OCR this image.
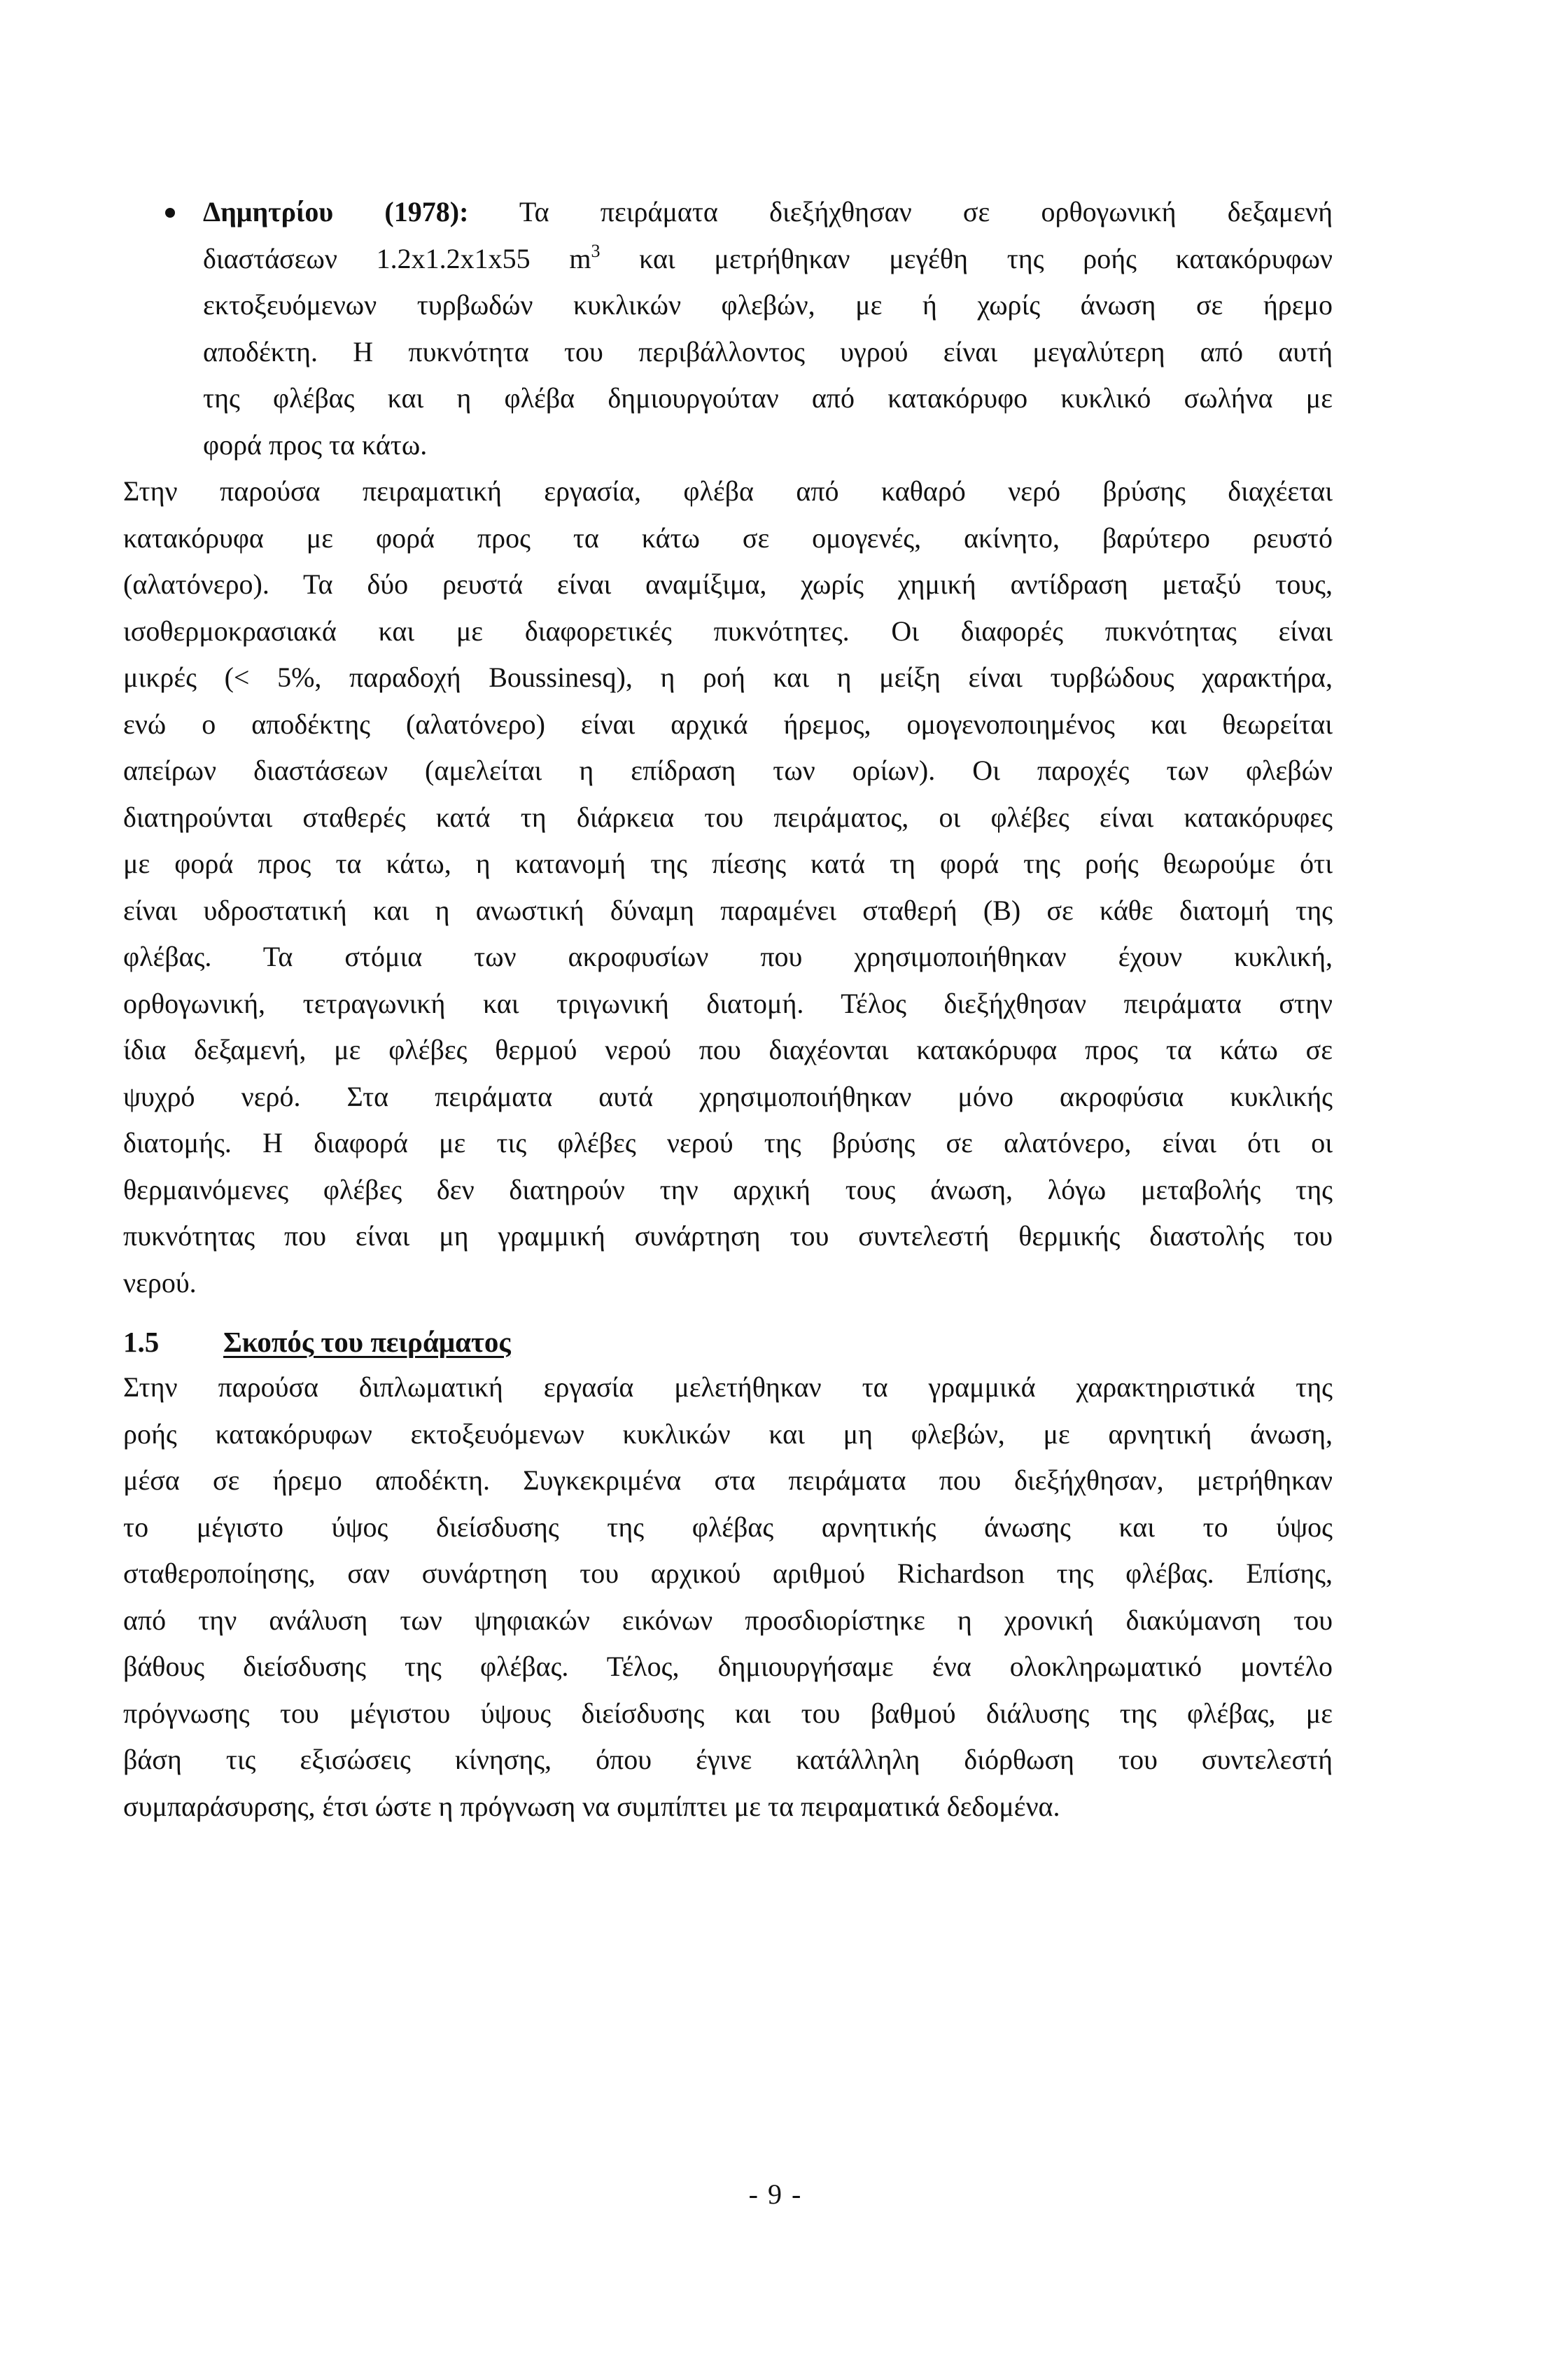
Δημητρίου (1978): Τα πειράματα διεξήχθησαν σε ορθογωνική δεξαμενή
διαστάσεων 1.2x1.2x1x55 $m^3$ και μετρήθηκαν μεγέθη της ροής κατακόρυφων
εκτοξευόμενων τυρβωδών κυκλικών φλεβών, με ή χωρίς άνωση σε ήρεμο
αποδέκτη. Η πυκνότητα του περιβάλλοντος υγρού είναι μεγαλύτερη από αυτή
της φλέβας και η φλέβα δημιουργούταν από κατακόρυφο κυκλικό σωλήνα με
φορά προς τα κάτω.
Στην παρούσα πειραματική εργασία, φλέβα από καθαρό νερό βρύσης διαχέεται
κατακόρυφα με φορά προς τα κάτω σε ομογενές, ακίνητο, βαρύτερο ρευστό
(αλατόνερο). Τα δύο ρευστά είναι αναμίξιμα, χωρίς χημική αντίδραση μεταξύ τους,
ισοθερμοκρασιακά και με διαφορετικές πυκνότητες. Οι διαφορές πυκνότητας είναι
μικρές (< 5%, παραδοχή Boussinesq), η ροή και η μείξη είναι τυρβώδους χαρακτήρα,
ενώ ο αποδέκτης (αλατόνερο) είναι αρχικά ήρεμος, ομογενοποιημένος και θεωρείται
απείρων διαστάσεων (αμελείται η επίδραση των ορίων). Οι παροχές των φλεβών
διατηρούνται σταθερές κατά τη διάρκεια του πειράματος, οι φλέβες είναι κατακόρυφες
με φορά προς τα κάτω, η κατανομή της πίεσης κατά τη φορά της ροής θεωρούμε ότι
είναι υδροστατική και η ανωστική δύναμη παραμένει σταθερή (Β) σε κάθε διατομή της
φλέβας. Τα στόμια των ακροφυσίων που χρησιμοποιήθηκαν έχουν κυκλική,
ορθογωνική, τετραγωνική και τριγωνική διατομή. Τέλος διεξήχθησαν πειράματα στην
ίδια δεξαμενή, με φλέβες θερμού νερού που διαχέονται κατακόρυφα προς τα κάτω σε
ψυχρό νερό. Στα πειράματα αυτά χρησιμοποιήθηκαν μόνο ακροφύσια κυκλικής
διατομής. Η διαφορά με τις φλέβες νερού της βρύσης σε αλατόνερο, είναι ότι οι
θερμαινόμενες φλέβες δεν διατηρούν την αρχική τους άνωση, λόγω μεταβολής της
πυκνότητας που είναι μη γραμμική συνάρτηση του συντελεστή θερμικής διαστολής του
νερού.
1.5 Σκοπός του πειράματος
Στην παρούσα διπλωματική εργασία μελετήθηκαν τα γραμμικά χαρακτηριστικά της
ροής κατακόρυφων εκτοξευόμενων κυκλικών και μη φλεβών, με αρνητική άνωση,
μέσα σε ήρεμο αποδέκτη. Συγκεκριμένα στα πειράματα που διεξήχθησαν, μετρήθηκαν
το μέγιστο ύψος διείσδυσης της φλέβας αρνητικής άνωσης και το ύψος
σταθεροποίησης, σαν συνάρτηση του αρχικού αριθμού Richardson της φλέβας. Επίσης,
από την ανάλυση των ψηφιακών εικόνων προσδιορίστηκε η χρονική διακύμανση του
βάθους διείσδυσης της φλέβας. Τέλος, δημιουργήσαμε ένα ολοκληρωματικό μοντέλο
πρόγνωσης του μέγιστου ύψους διείσδυσης και του βαθμού διάλυσης της φλέβας, με
βάση τις εξισώσεις κίνησης, όπου έγινε κατάλληλη διόρθωση του συντελεστή
συμπαράσυρσης, έτσι ώστε η πρόγνωση να συμπίπτει με τα πειραματικά δεδομένα.
- 9 -
